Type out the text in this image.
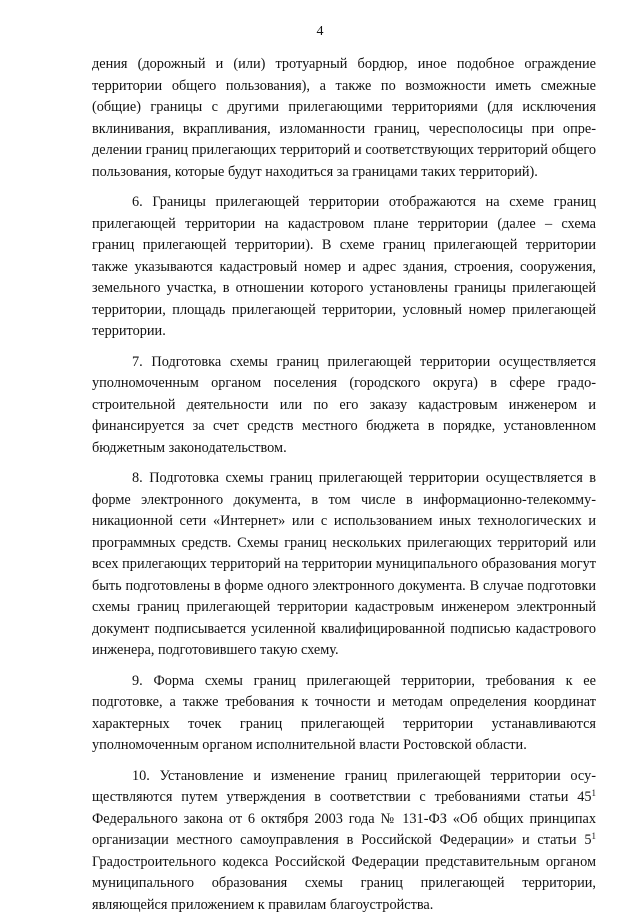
4

дения (дорожный и (или) тротуарный бордюр, иное подобное ограждение территории общего пользования), а также по возможности иметь смежные (общие) границы с другими прилегающими территориями (для исключения вклинивания, вкрапливания, изломанности границ, чересполосицы при определении границ прилегающих территорий и соответствующих территорий общего пользования, которые будут находиться за границами таких территорий).

6. Границы прилегающей территории отображаются на схеме границ прилегающей территории на кадастровом плане территории (далее – схема границ прилегающей территории). В схеме границ прилегающей территории также указываются кадастровый номер и адрес здания, строения, сооружения, земельного участка, в отношении которого установлены границы прилегающей территории, площадь прилегающей территории, условный номер прилегающей территории.

7. Подготовка схемы границ прилегающей территории осуществляется уполномоченным органом поселения (городского округа) в сфере градостроительной деятельности или по его заказу кадастровым инженером и финансируется за счет средств местного бюджета в порядке, установленном бюджетным законодательством.

8. Подготовка схемы границ прилегающей территории осуществляется в форме электронного документа, в том числе в информационно-телекоммуникационной сети «Интернет» или с использованием иных технологических и программных средств. Схемы границ нескольких прилегающих территорий или всех прилегающих территорий на территории муниципального образования могут быть подготовлены в форме одного электронного документа. В случае подготовки схемы границ прилегающей территории кадастровым инженером электронный документ подписывается усиленной квалифицированной подписью кадастрового инженера, подготовившего такую схему.

9. Форма схемы границ прилегающей территории, требования к ее подготовке, а также требования к точности и методам определения координат характерных точек границ прилегающей территории устанавливаются уполномоченным органом исполнительной власти Ростовской области.

10. Установление и изменение границ прилегающей территории осуществляются путем утверждения в соответствии с требованиями статьи $45^1$ Федерального закона от 6 октября 2003 года № 131-ФЗ «Об общих принципах организации местного самоуправления в Российской Федерации» и статьи $5^1$ Градостроительного кодекса Российской Федерации представительным органом муниципального образования схемы границ прилегающей территории, являющейся приложением к правилам благоустройства.
